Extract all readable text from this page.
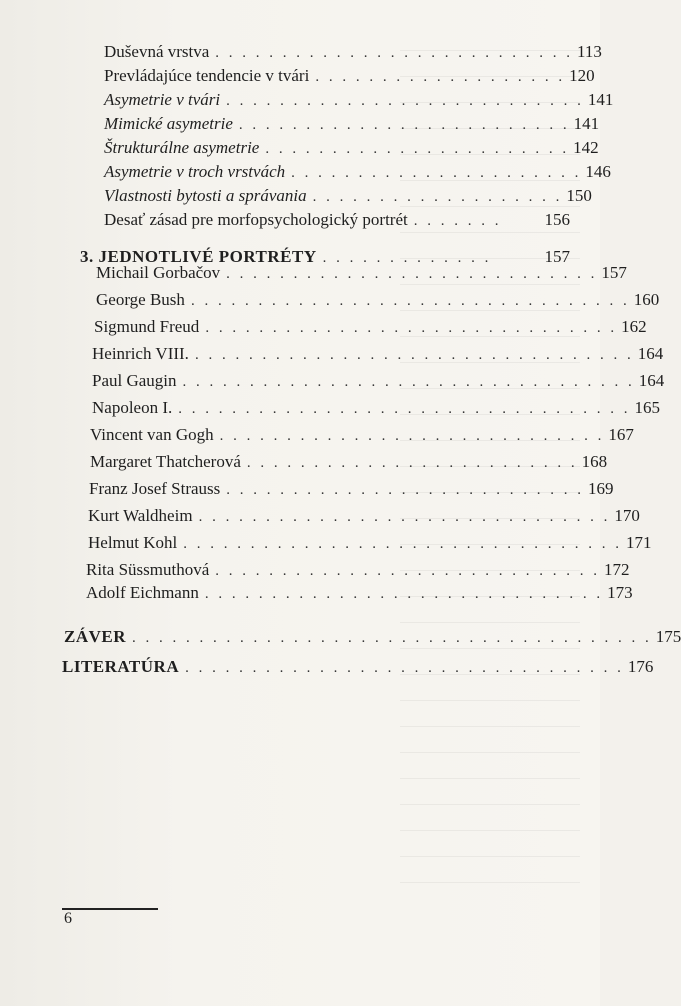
Duševná vrstva . . . . . . . . . . . . . . . . . . . . . . . . . . . 113
Prevládajúce tendencie v tvári . . . . . . . . . . . . . . . . . . . 120
Asymetrie v tvári . . . . . . . . . . . . . . . . . . . . . . . . . . . 141
Mimické asymetrie . . . . . . . . . . . . . . . . . . . . . . . . . 141
Štrukturálne asymetrie . . . . . . . . . . . . . . . . . . . . . . . 142
Asymetrie v troch vrstvách . . . . . . . . . . . . . . . . . . . . . . 146
Vlastnosti bytosti a správania . . . . . . . . . . . . . . . . . . . 150
Desať zásad pre morfopsychologický portrét . . . . . . .	156
3. JEDNOTLIVÉ PORTRÉTY . . . . . . . . . . . . .	157
Michail Gorbačov . . . . . . . . . . . . . . . . . . . . . . . . . . . . 157
George Bush . . . . . . . . . . . . . . . . . . . . . . . . . . . . . . . . . 160
Sigmund Freud . . . . . . . . . . . . . . . . . . . . . . . . . . . . . . . 162
Heinrich VIII. . . . . . . . . . . . . . . . . . . . . . . . . . . . . . . . . . 164
Paul Gaugin . . . . . . . . . . . . . . . . . . . . . . . . . . . . . . . . . . 164
Napoleon I. . . . . . . . . . . . . . . . . . . . . . . . . . . . . . . . . . . 165
Vincent van Gogh . . . . . . . . . . . . . . . . . . . . . . . . . . . . . 167
Margaret Thatcherová . . . . . . . . . . . . . . . . . . . . . . . . . 168
Franz Josef Strauss . . . . . . . . . . . . . . . . . . . . . . . . . . . 169
Kurt Waldheim . . . . . . . . . . . . . . . . . . . . . . . . . . . . . . . 170
Helmut Kohl . . . . . . . . . . . . . . . . . . . . . . . . . . . . . . . . . 171
Rita Süssmuthová . . . . . . . . . . . . . . . . . . . . . . . . . . . . . 172
Adolf Eichmann . . . . . . . . . . . . . . . . . . . . . . . . . . . . . . 173
ZÁVER . . . . . . . . . . . . . . . . . . . . . . . . . . . . . . . . . . . . . . . 175
LITERATÚRA . . . . . . . . . . . . . . . . . . . . . . . . . . . . . . . . . 176
6
